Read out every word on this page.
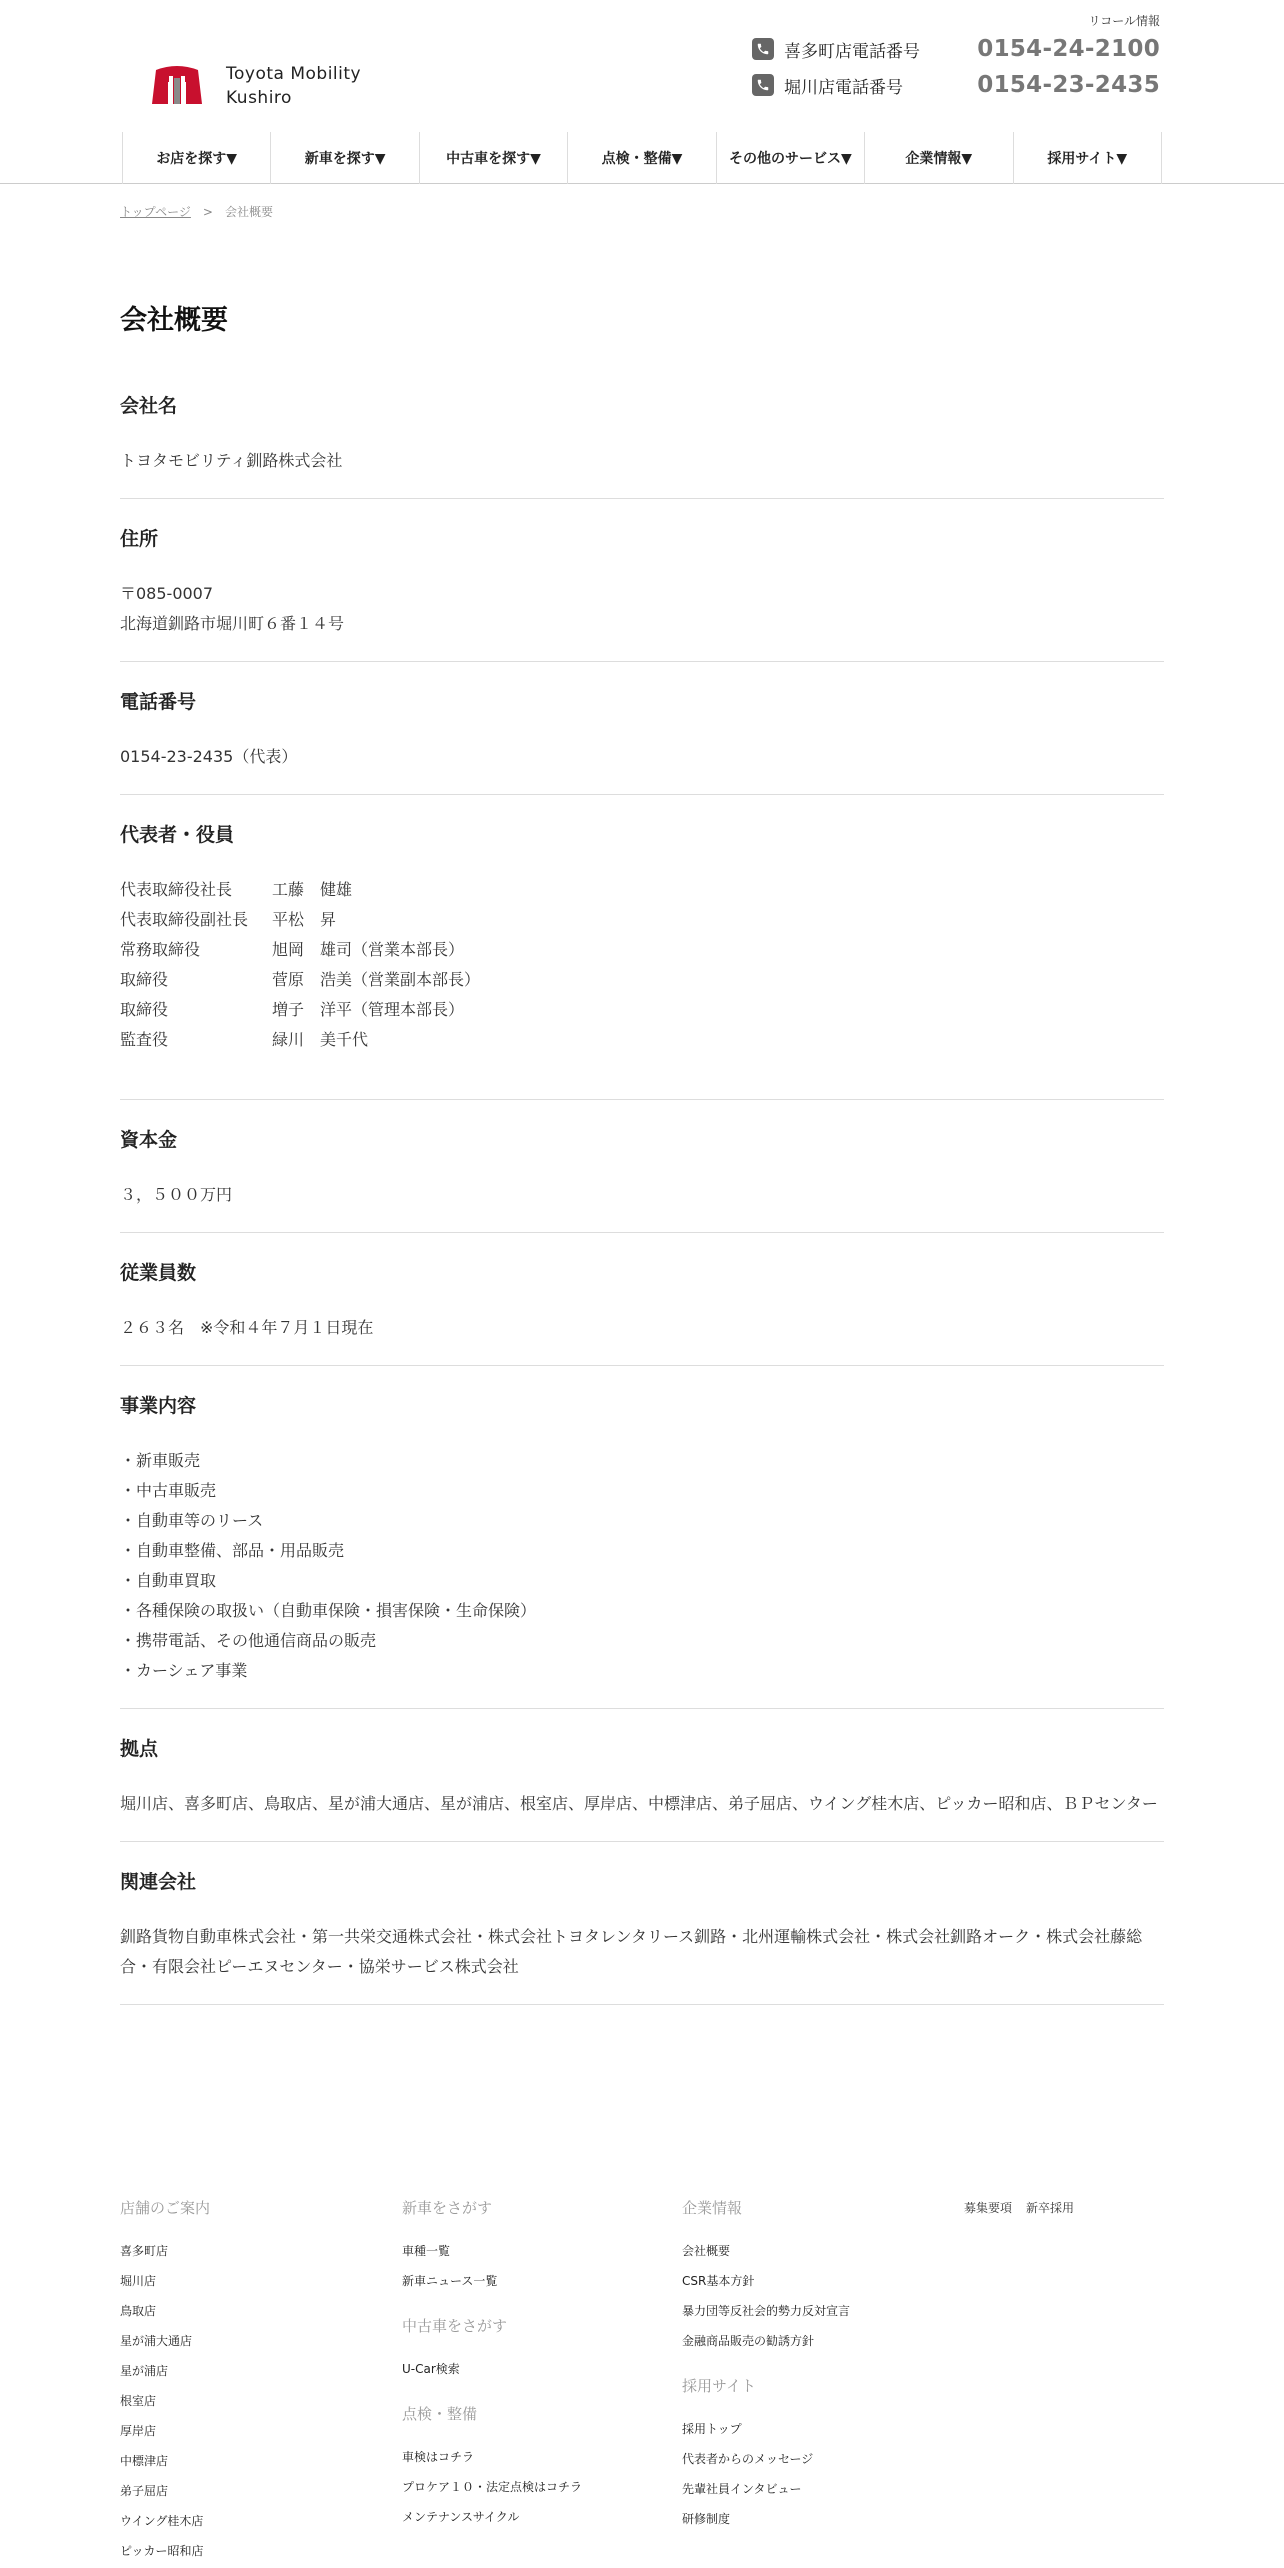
リコール情報
Toyota Mobility
Kushiro
喜多町店電話番号	0154-24-2100
堀川店電話番号	0154-23-2435
お店を探す▼	新車を探す▼	中古車を探す▼	点検・整備▼	その他のサービス▼	企業情報▼	採用サイト▼
トップページ > 会社概要
会社概要
会社名

トヨタモビリティ釧路株式会社

住所

〒085-0007

北海道釧路市堀川町６番１４号

電話番号

0154-23-2435（代表）

代表者・役員
代表取締役社長	工藤　健雄
代表取締役副社長	平松　昇
常務取締役	旭岡　雄司（営業本部長）
取締役	菅原　浩美（営業副本部長）
取締役	増子　洋平（管理本部長）
監査役	緑川　美千代
資本金

３，５００万円

従業員数

２６３名　※令和４年７月１日現在

事業内容
・新車販売
・中古車販売
・自動車等のリース
・自動車整備、部品・用品販売
・自動車買取
・各種保険の取扱い（自動車保険・損害保険・生命保険）
・携帯電話、その他通信商品の販売
・カーシェア事業
拠点

堀川店、喜多町店、鳥取店、星が浦大通店、星が浦店、根室店、厚岸店、中標津店、弟子屈店、ウイング桂木店、ピッカー昭和店、ＢＰセンター

関連会社

釧路貨物自動車株式会社・第一共栄交通株式会社・株式会社トヨタレンタリース釧路・北州運輸株式会社・株式会社釧路オーク・株式会社藤総合・有限会社ピーエヌセンター・協栄サービス株式会社

店舗のご案内
喜多町店
堀川店
鳥取店
星が浦大通店
星が浦店
根室店
厚岸店
中標津店
弟子屈店
ウイング桂木店
ピッカー昭和店
新車をさがす
車種一覧
新車ニュース一覧
中古車をさがす
U-Car検索
点検・整備
車検はコチラ
プロケア１０・法定点検はコチラ
メンテナンスサイクル
企業情報
会社概要
CSR基本方針
暴力団等反社会的勢力反対宣言
金融商品販売の勧誘方針
採用サイト
採用トップ
代表者からのメッセージ
先輩社員インタビュー
研修制度
募集要項 新卒採用
